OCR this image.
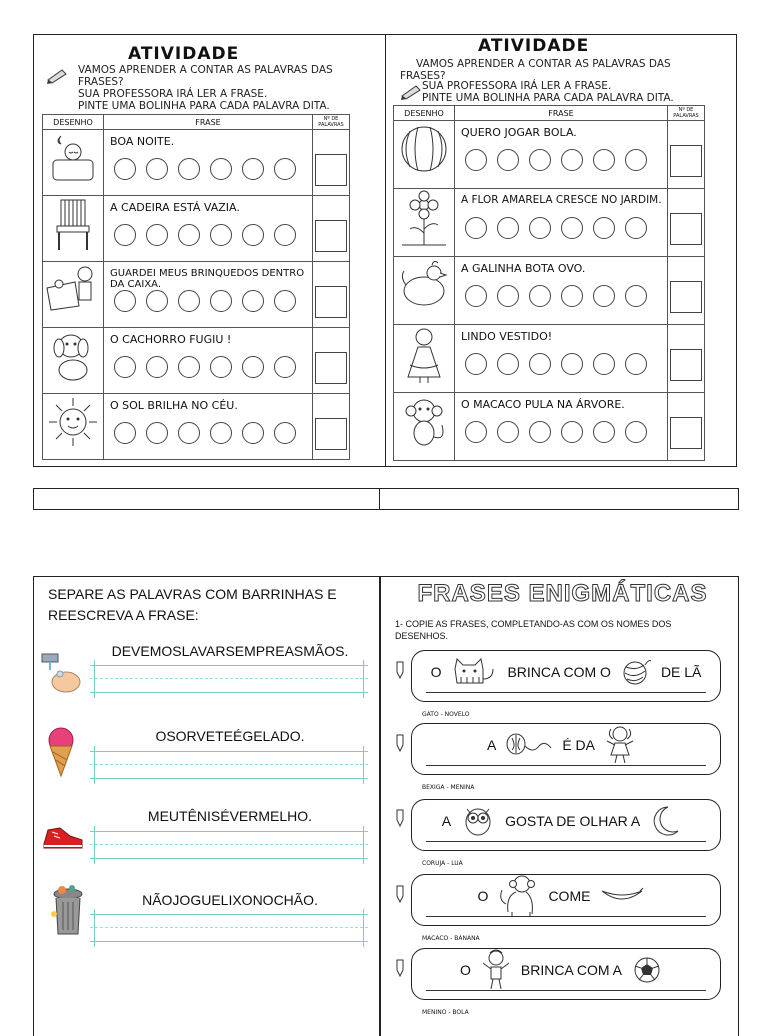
ATIVIDADE
VAMOS APRENDER A CONTAR AS PALAVRAS DAS FRASES?
SUA PROFESSORA IRÁ LER A FRASE.
PINTE UMA BOLINHA PARA CADA PALAVRA DITA.
DESENHO	FRASE	Nº DE PALAVRAS

BOA NOITE.	

A CADEIRA ESTÁ VAZIA.	

GUARDEI MEUS BRINQUEDOS DENTRO DA CAIXA.	

O CACHORRO FUGIU !	

O SOL BRILHA NO CÉU.	

ATIVIDADE
VAMOS APRENDER A CONTAR AS PALAVRAS DAS FRASES?
SUA PROFESSORA IRÁ LER A FRASE.
PINTE UMA BOLINHA PARA CADA PALAVRA DITA.
DESENHO	FRASE	Nº DE PALAVRAS

QUERO JOGAR BOLA.	

A FLOR AMARELA CRESCE NO JARDIM.	

A GALINHA BOTA OVO.	

LINDO VESTIDO!	

O MACACO PULA NA ÁRVORE.	

SEPARE AS PALAVRAS COM BARRINHAS E REESCREVA A FRASE:
DEVEMOSLAVARSEMPREASMÃOS.
OSORVETEÉGELADO.
MEUTÊNISÉVERMELHO.
NÃOJOGUELIXONOCHÃO.
FRASES ENIGMÁTICAS
1- COPIE AS FRASES, COMPLETANDO-AS COM OS NOMES DOS DESENHOS.
O	BRINCA COM O	DE LÃ
GATO - NOVELO
A	É DA
BEXIGA - MENINA
A	GOSTA DE OLHAR A
CORUJA - LUA
O	COME
MACACO - BANANA
O	BRINCA COM A
MENINO - BOLA
